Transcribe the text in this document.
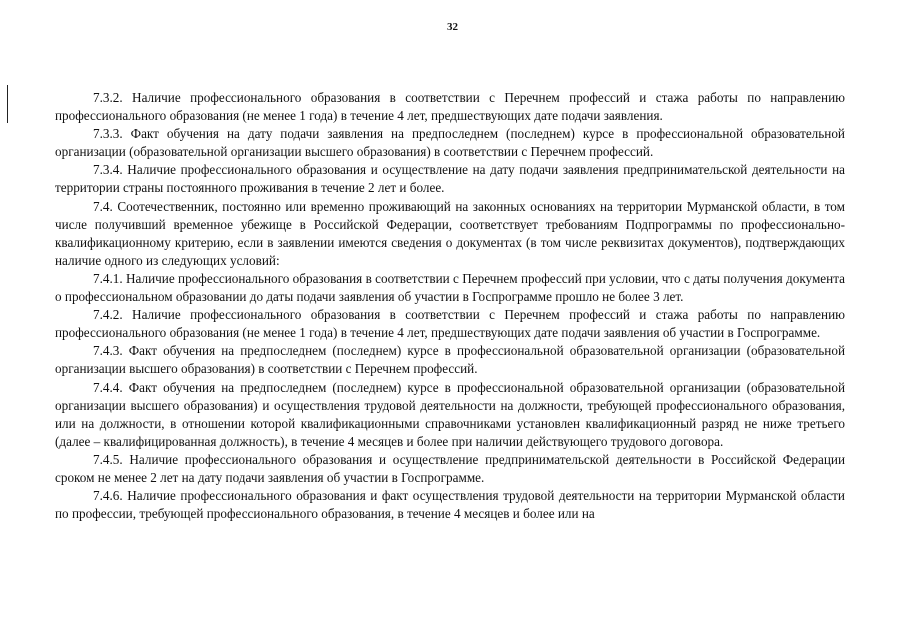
32

7.3.2. Наличие профессионального образования в соответствии с Перечнем профессий и стажа работы по направлению профессионального образования (не менее 1 года) в течение 4 лет, предшествующих дате подачи заявления.

7.3.3. Факт обучения на дату подачи заявления на предпоследнем (последнем) курсе в профессиональной образовательной организации (образовательной организации высшего образования) в соответствии с Перечнем профессий.

7.3.4. Наличие профессионального образования и осуществление на дату подачи заявления предпринимательской деятельности на территории страны постоянного проживания в течение 2 лет и более.

7.4. Соотечественник, постоянно или временно проживающий на законных основаниях на территории Мурманской области, в том числе получивший временное убежище в Российской Федерации, соответствует требованиям Подпрограммы по профессионально-квалификационному критерию, если в заявлении имеются сведения о документах (в том числе реквизитах документов), подтверждающих наличие одного из следующих условий:

7.4.1. Наличие профессионального образования в соответствии с Перечнем профессий при условии, что с даты получения документа о профессиональном образовании до даты подачи заявления об участии в Госпрограмме прошло не более 3 лет.

7.4.2. Наличие профессионального образования в соответствии с Перечнем профессий и стажа работы по направлению профессионального образования (не менее 1 года) в течение 4 лет, предшествующих дате подачи заявления об участии в Госпрограмме.

7.4.3. Факт обучения на предпоследнем (последнем) курсе в профессиональной образовательной организации (образовательной организации высшего образования) в соответствии с Перечнем профессий.

7.4.4. Факт обучения на предпоследнем (последнем) курсе в профессиональной образовательной организации (образовательной организации высшего образования) и осуществления трудовой деятельности на должности, требующей профессионального образования, или на должности, в отношении которой квалификационными справочниками установлен квалификационный разряд не ниже третьего (далее – квалифицированная должность), в течение 4 месяцев и более при наличии действующего трудового договора.

7.4.5. Наличие профессионального образования и осуществление предпринимательской деятельности в Российской Федерации сроком не менее 2 лет на дату подачи заявления об участии в Госпрограмме.

7.4.6. Наличие профессионального образования и факт осуществления трудовой деятельности на территории Мурманской области по профессии, требующей профессионального образования, в течение 4 месяцев и более или на
